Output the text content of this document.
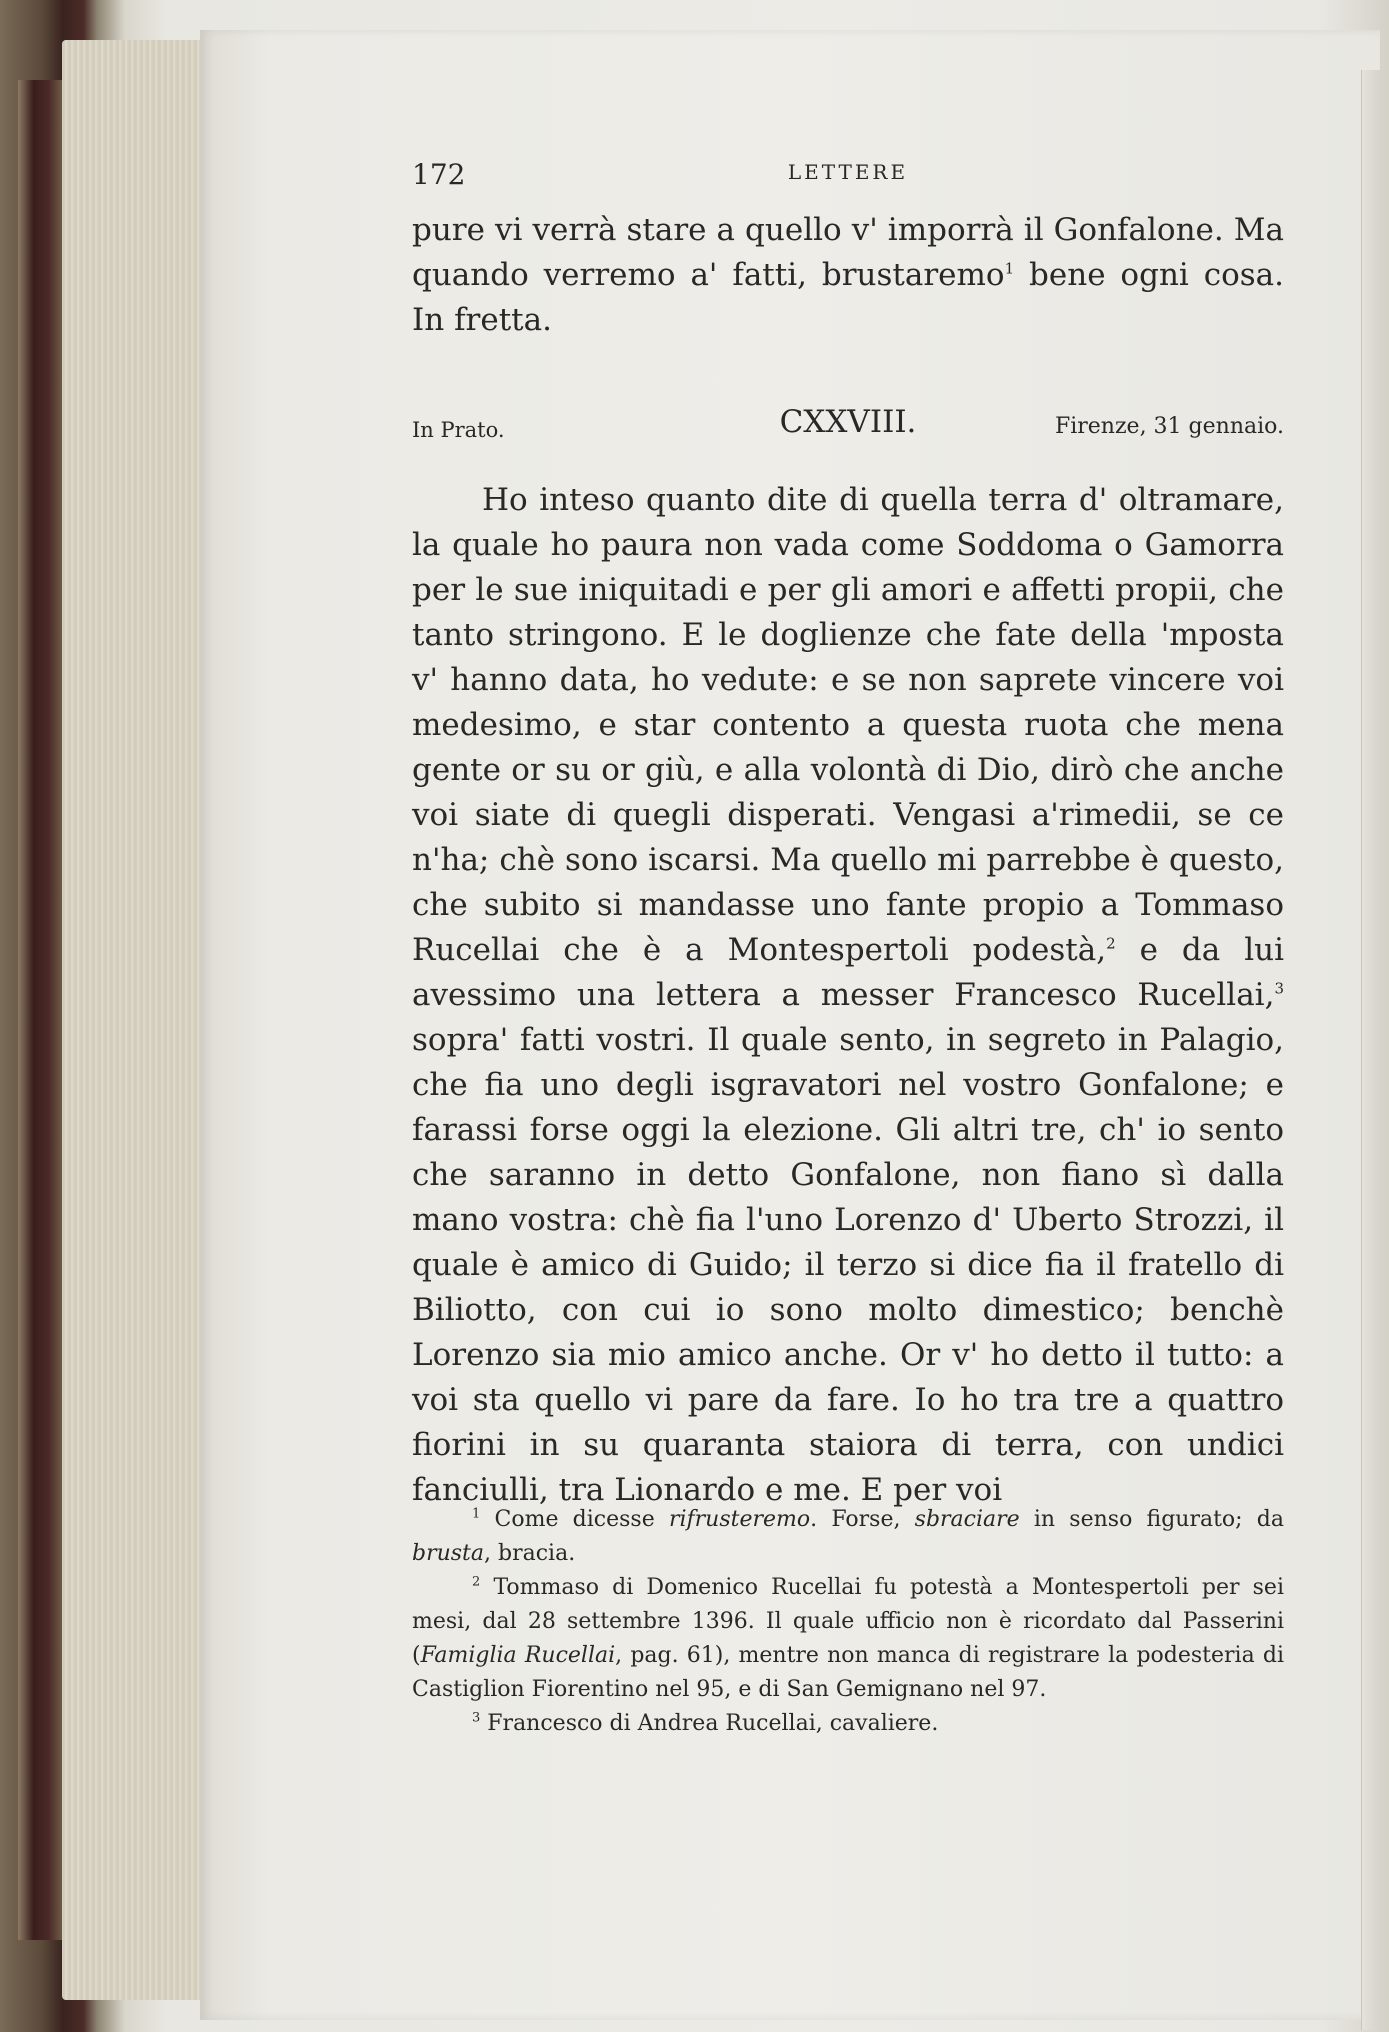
172	LETTERE

pure vi verrà stare a quello v' imporrà il Gonfalone. Ma quando verremo a' fatti, brustaremo$^1$ bene ogni cosa. In fretta.

In Prato.	CXXVIII.	Firenze, 31 gennaio.

Ho inteso quanto dite di quella terra d' oltramare, la quale ho paura non vada come Soddoma o Gamorra per le sue iniquitadi e per gli amori e affetti propii, che tanto stringono. E le doglienze che fate della 'mposta v' hanno data, ho vedute: e se non saprete vincere voi medesimo, e star contento a questa ruota che mena gente or su or giù, e alla volontà di Dio, dirò che anche voi siate di quegli disperati. Vengasi a'rimedii, se ce n'ha; chè sono iscarsi. Ma quello mi parrebbe è questo, che subito si mandasse uno fante propio a Tommaso Rucellai che è a Montespertoli podestà,$^2$ e da lui avessimo una lettera a messer Francesco Rucellai,$^3$ sopra' fatti vostri. Il quale sento, in segreto in Palagio, che fia uno degli isgravatori nel vostro Gonfalone; e farassi forse oggi la elezione. Gli altri tre, ch' io sento che saranno in detto Gonfalone, non fiano sì dalla mano vostra: chè fia l'uno Lorenzo d' Uberto Strozzi, il quale è amico di Guido; il terzo si dice fia il fratello di Biliotto, con cui io sono molto dimestico; benchè Lorenzo sia mio amico anche. Or v' ho detto il tutto: a voi sta quello vi pare da fare. Io ho tra tre a quattro fiorini in su quaranta staiora di terra, con undici fanciulli, tra Lionardo e me. E per voi

$^1$ Come dicesse rifrusteremo. Forse, sbraciare in senso figurato; da brusta, bracia.

$^2$ Tommaso di Domenico Rucellai fu potestà a Montespertoli per sei mesi, dal 28 settembre 1396. Il quale ufficio non è ricordato dal Passerini (Famiglia Rucellai, pag. 61), mentre non manca di registrare la podesteria di Castiglion Fiorentino nel 95, e di San Gemignano nel 97.

$^3$ Francesco di Andrea Rucellai, cavaliere.
